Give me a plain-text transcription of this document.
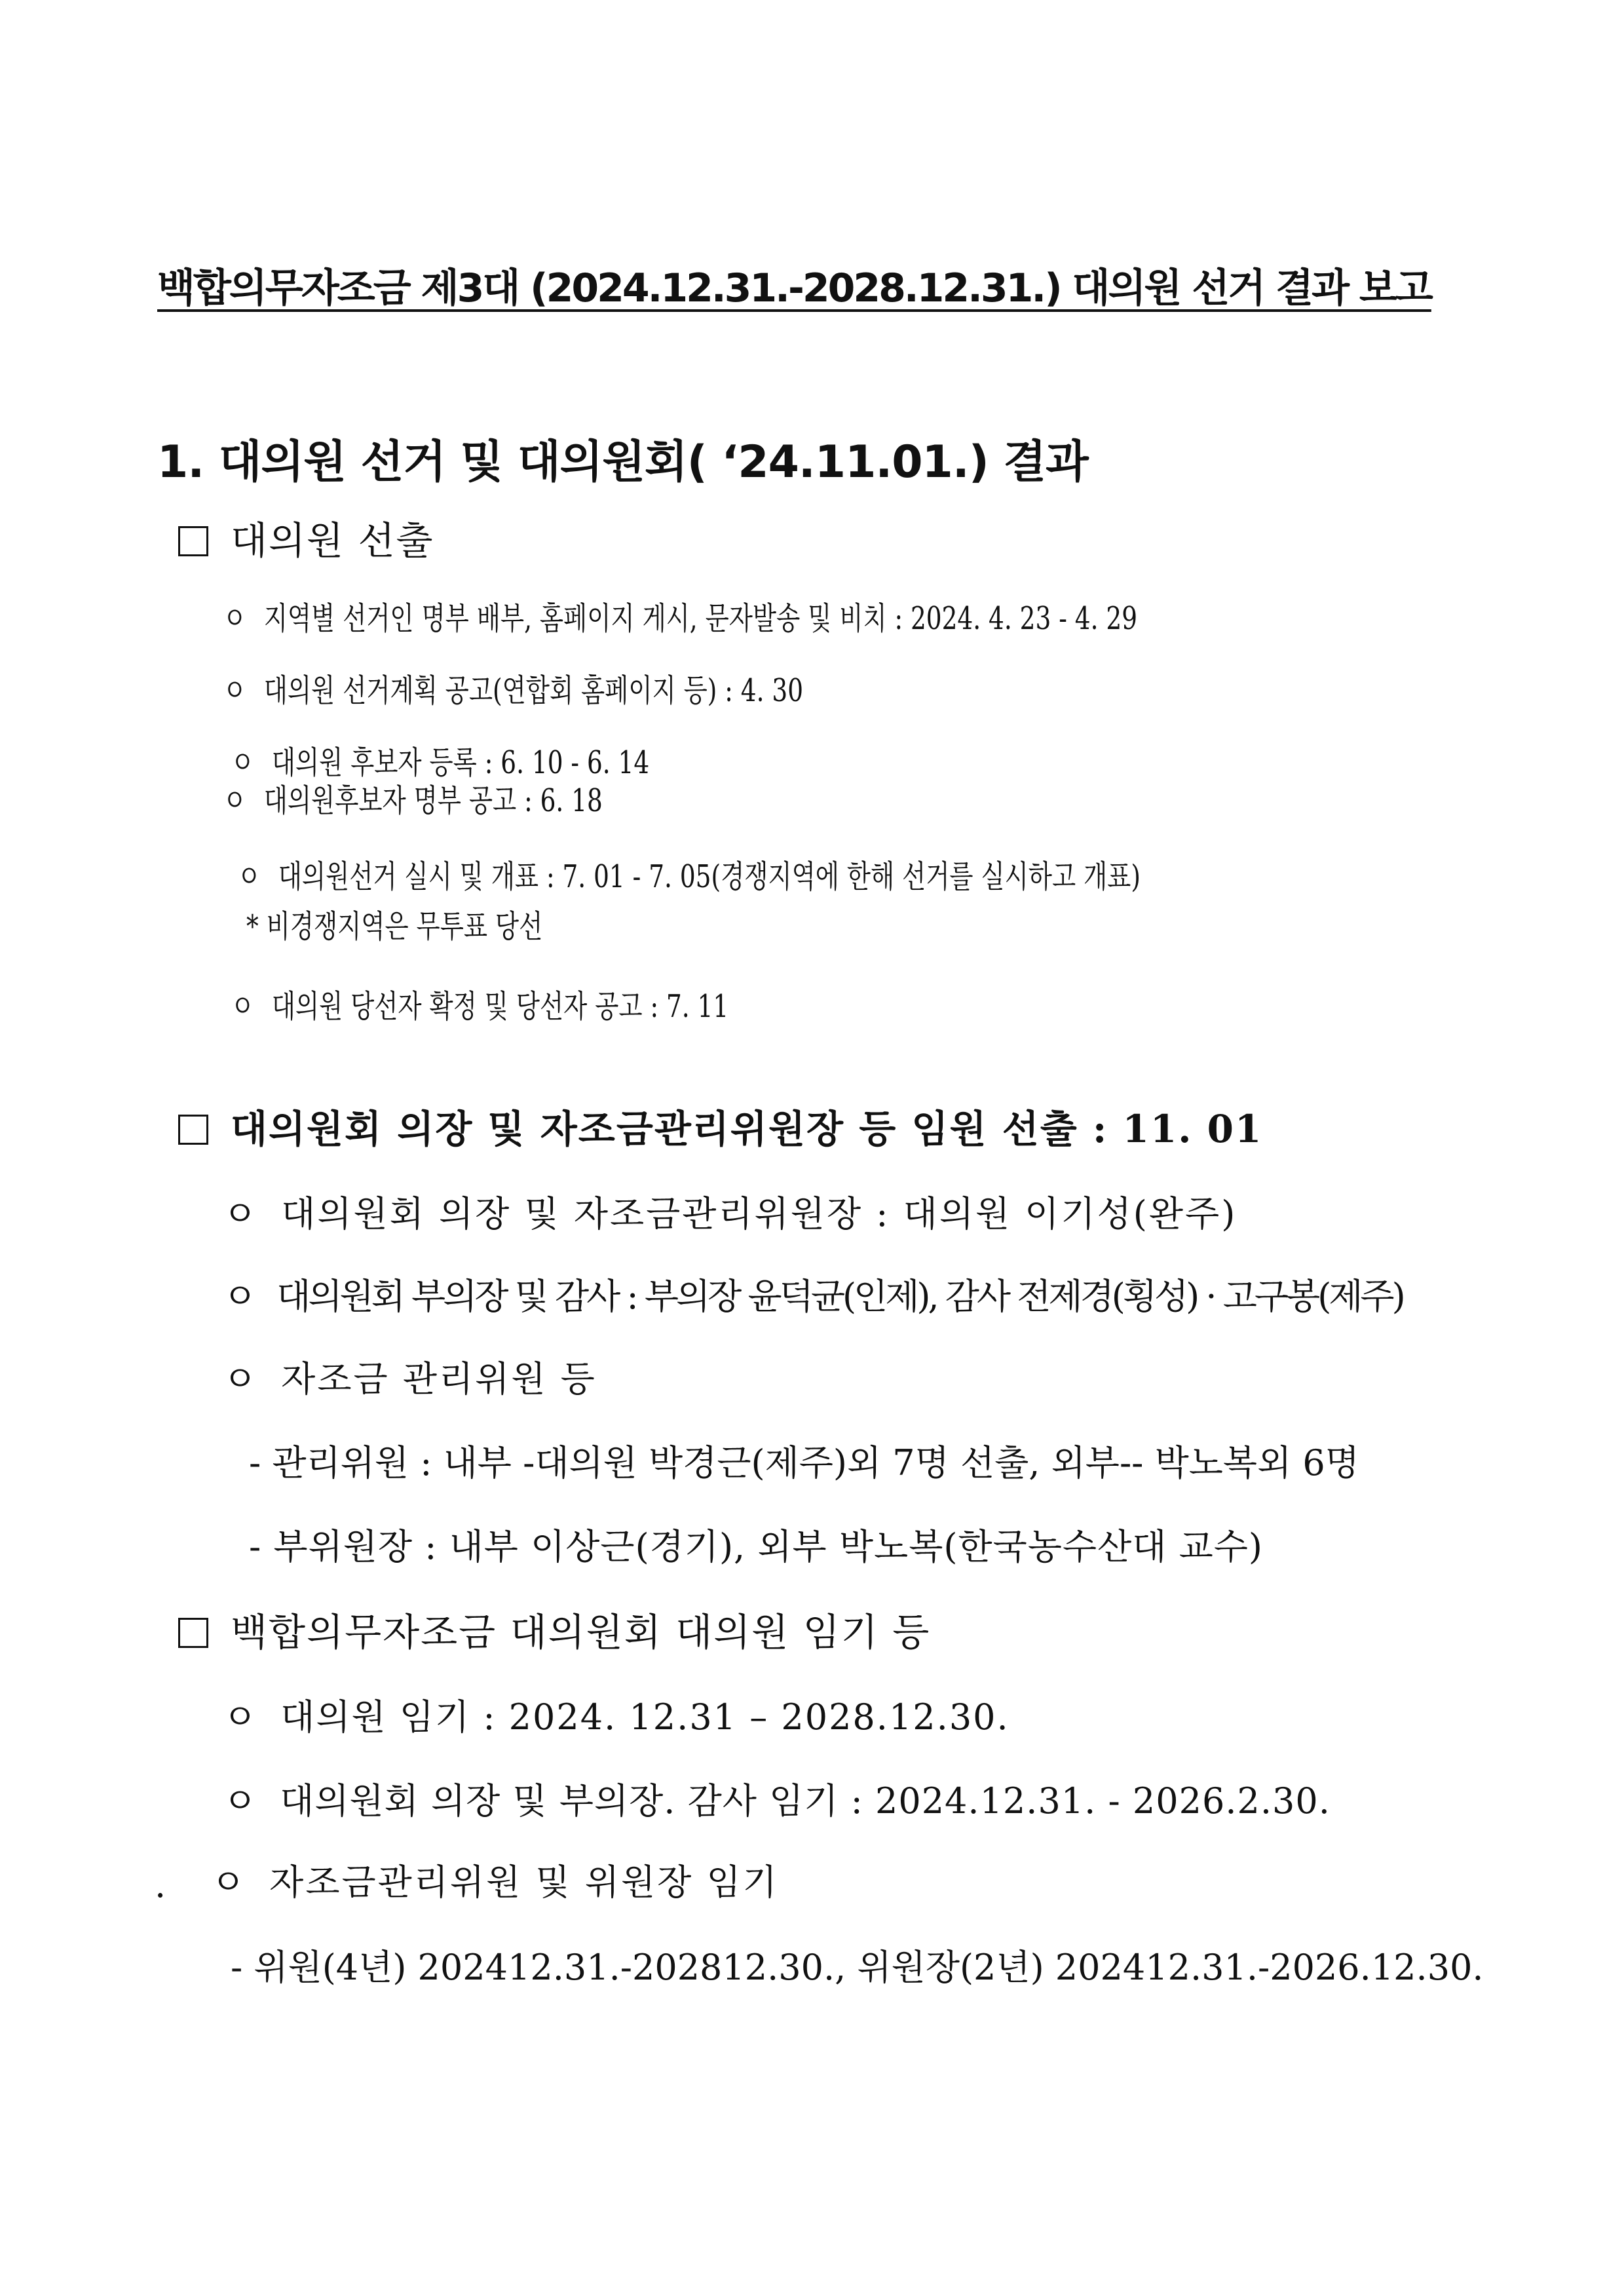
백합의무자조금 제3대 (2024.12.31.-2028.12.31.) 대의원 선거 결과 보고
1. 대의원 선거 및 대의원회( ‘24.11.01.) 결과
대의원 선출
ㅇ 지역별 선거인 명부 배부, 홈페이지 게시, 문자발송 및 비치 : 2024. 4. 23 - 4. 29
ㅇ 대의원 선거계획 공고(연합회 홈페이지 등) : 4. 30
ㅇ 대의원 후보자 등록 : 6. 10 - 6. 14
ㅇ 대의원후보자 명부 공고 : 6. 18
ㅇ 대의원선거 실시 및 개표 : 7. 01 - 7. 05(경쟁지역에 한해 선거를 실시하고 개표)
* 비경쟁지역은 무투표 당선
ㅇ 대의원 당선자 확정 및 당선자 공고 : 7. 11
대의원회 의장 및 자조금관리위원장 등 임원 선출 : 11. 01
ㅇ 대의원회 의장 및 자조금관리위원장 : 대의원 이기성(완주)
ㅇ 대의원회 부의장 및 감사 : 부의장 윤덕균(인제), 감사 전제경(횡성) · 고구봉(제주)
ㅇ 자조금 관리위원 등
- 관리위원 : 내부 -대의원 박경근(제주)외 7명 선출, 외부-- 박노복외 6명
- 부위원장 : 내부 이상근(경기), 외부 박노복(한국농수산대 교수)
백합의무자조금 대의원회 대의원 임기 등
ㅇ 대의원 임기 : 2024. 12.31 – 2028.12.30.
ㅇ 대의원회 의장 및 부의장. 감사 임기 : 2024.12.31. - 2026.2.30.
. ㅇ 자조금관리위원 및 위원장 임기
- 위원(4년) 202412.31.-202812.30., 위원장(2년) 202412.31.-2026.12.30.
